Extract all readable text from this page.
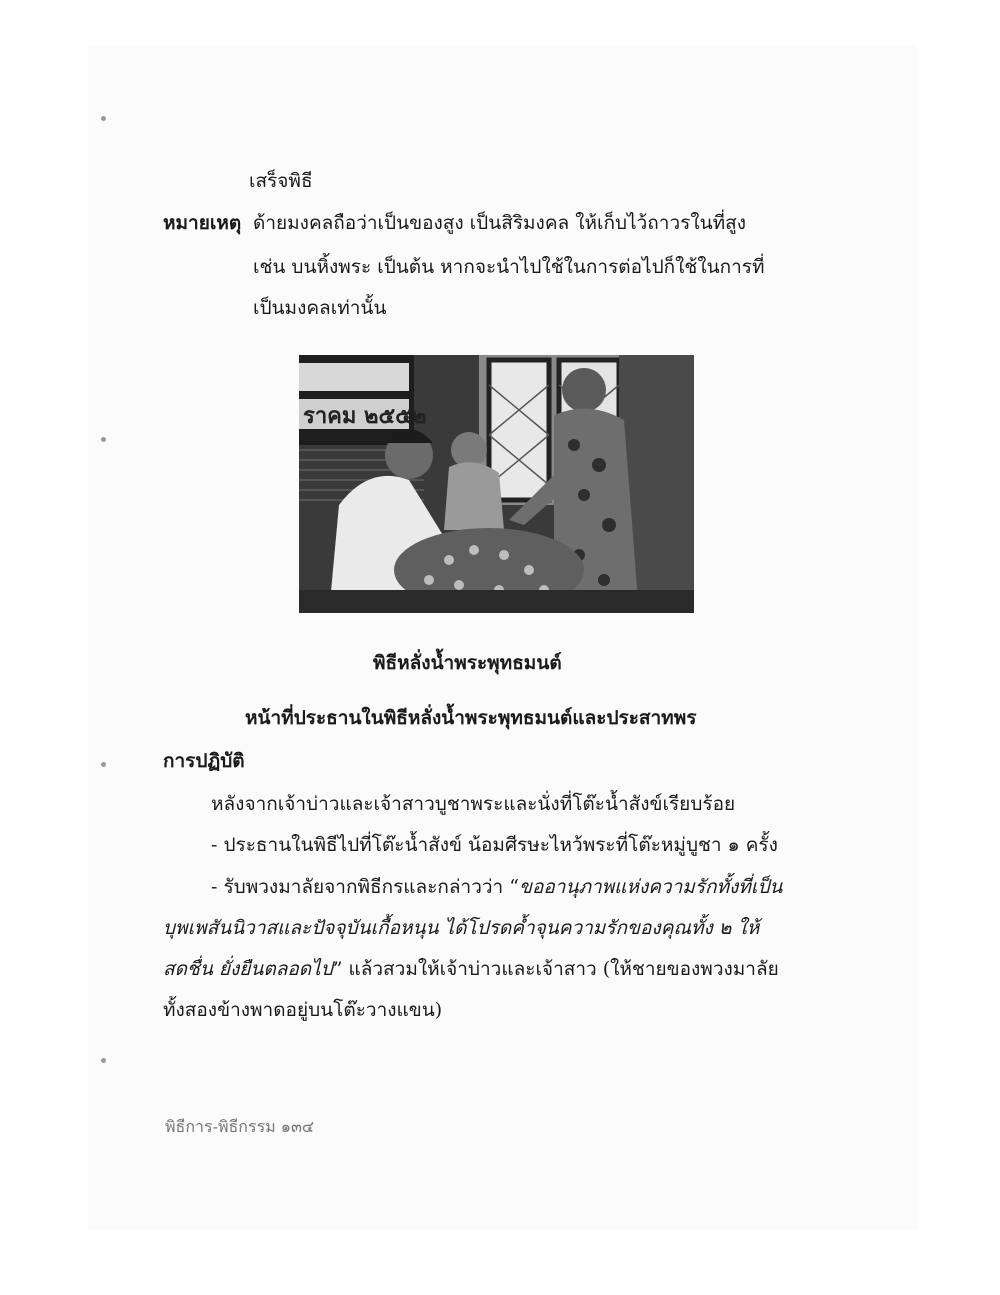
เสร็จพิธี
หมายเหตุ ด้ายมงคลถือว่าเป็นของสูง เป็นสิริมงคล ให้เก็บไว้ถาวรในที่สูง
เช่น บนหิ้งพระ เป็นต้น หากจะนำไปใช้ในการต่อไปก็ใช้ในการที่
เป็นมงคลเท่านั้น
ราคม ๒๕๕๒
พิธีหลั่งน้ำพระพุทธมนต์
หน้าที่ประธานในพิธีหลั่งน้ำพระพุทธมนต์และประสาทพร
การปฏิบัติ
หลังจากเจ้าบ่าวและเจ้าสาวบูชาพระและนั่งที่โต๊ะน้ำสังข์เรียบร้อย
- ประธานในพิธีไปที่โต๊ะน้ำสังข์ น้อมศีรษะไหว้พระที่โต๊ะหมู่บูชา ๑ ครั้ง
- รับพวงมาลัยจากพิธีกรและกล่าวว่า “ขออานุภาพแห่งความรักทั้งที่เป็น
บุพเพสันนิวาสและปัจจุบันเกื้อหนุน ได้โปรดค้ำจุนความรักของคุณทั้ง ๒ ให้
สดชื่น ยั่งยืนตลอดไป” แล้วสวมให้เจ้าบ่าวและเจ้าสาว (ให้ชายของพวงมาลัย
ทั้งสองข้างพาดอยู่บนโต๊ะวางแขน)
พิธีการ-พิธีกรรม ๑๓๔
